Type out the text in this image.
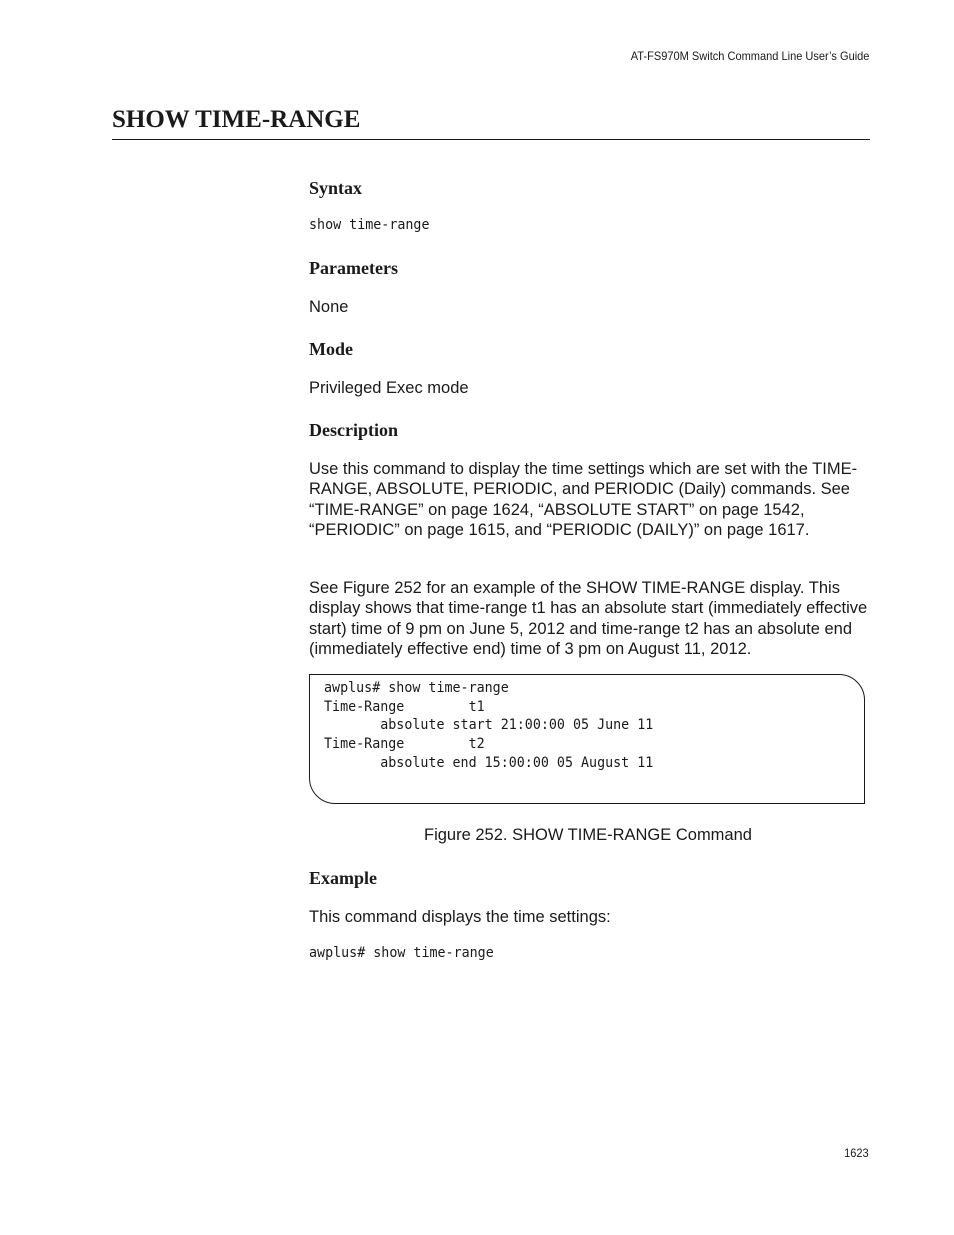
AT-FS970M Switch Command Line User’s Guide
SHOW TIME-RANGE
Syntax
show time-range
Parameters

None

Mode

Privileged Exec mode

Description

Use this command to display the time settings which are set with the TIME-RANGE, ABSOLUTE, PERIODIC, and PERIODIC (Daily) commands. See “TIME-RANGE” on page 1624, “ABSOLUTE START” on page 1542, “PERIODIC” on page 1615, and “PERIODIC (DAILY)” on page 1617.

See Figure 252 for an example of the SHOW TIME-RANGE display. This display shows that time-range t1 has an absolute start (immediately effective start) time of 9 pm on June 5, 2012 and time-range t2 has an absolute end (immediately effective end) time of 3 pm on August 11, 2012.

awplus# show time-range
Time-Range        t1
absolute start 21:00:00 05 June 11
Time-Range        t2
absolute end 15:00:00 05 August 11
Figure 252. SHOW TIME-RANGE Command
Example

This command displays the time settings:

awplus# show time-range
1623
